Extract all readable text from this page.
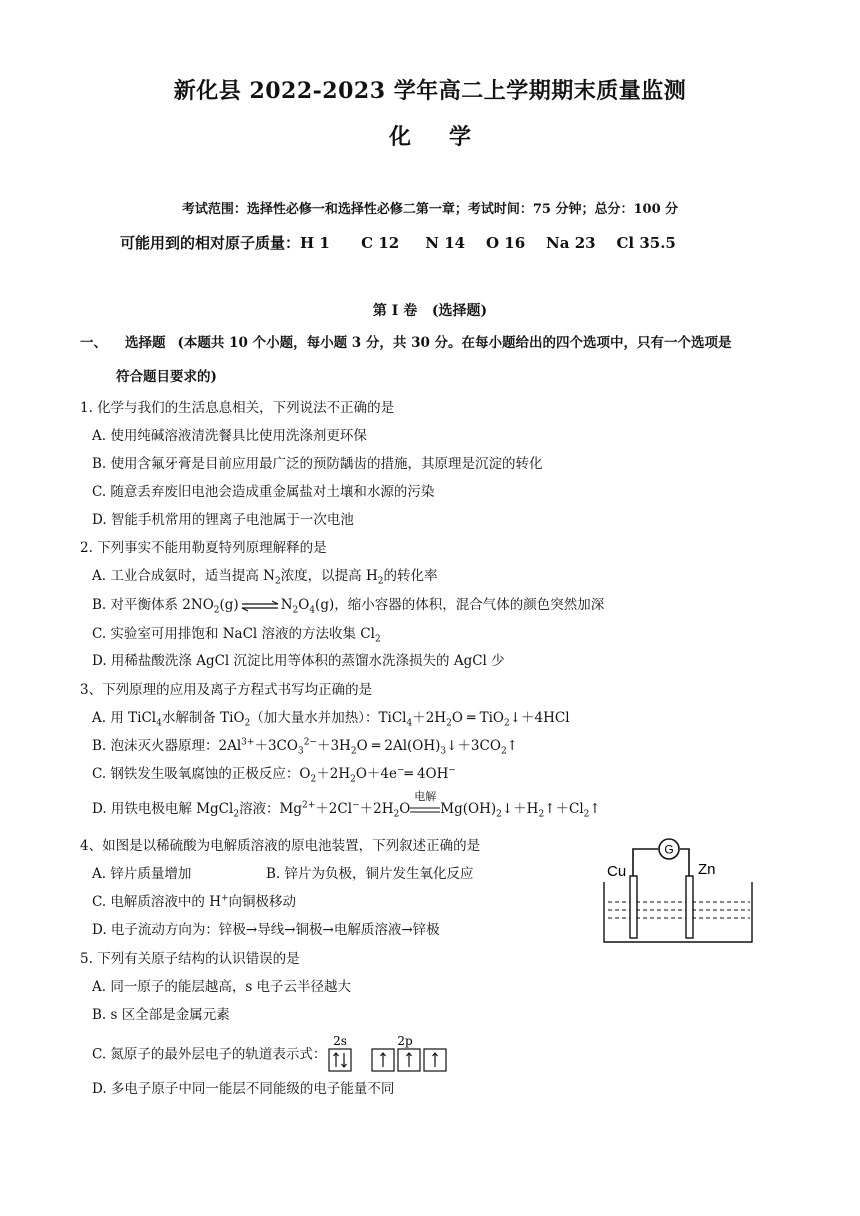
新化县 2022-2023 学年高二上学期期末质量监测
化学
考试范围：选择性必修一和选择性必修二第一章；考试时间：75 分钟；总分：100 分
可能用到的相对原子质量：H 1      C 12     N 14    O 16    Na 23    Cl 35.5
第 I 卷   (选择题)
一、 选择题 (本题共 10 个小题，每小题 3 分，共 30 分。在每小题给出的四个选项中，只有一个选项是
符合题目要求的)
1. 化学与我们的生活息息相关，下列说法不正确的是
A. 使用纯碱溶液清洗餐具比使用洗涤剂更环保
B. 使用含氟牙膏是目前应用最广泛的预防龋齿的措施，其原理是沉淀的转化
C. 随意丢弃废旧电池会造成重金属盐对土壤和水源的污染
D. 智能手机常用的锂离子电池属于一次电池
2. 下列事实不能用勒夏特列原理解释的是
A. 工业合成氨时，适当提高 $N_2$浓度，以提高 $H_2$的转化率
B. 对平衡体系 $2NO_2(g)\rightleftharpoons N_2O_4(g)$，缩小容器的体积，混合气体的颜色突然加深
C. 实验室可用排饱和 NaCl 溶液的方法收集 $Cl_2$
D. 用稀盐酸洗涤 AgCl 沉淀比用等体积的蒸馏水洗涤损失的 AgCl 少
3、下列原理的应用及离子方程式书写均正确的是
A. 用 TiCl$_4$水解制备 TiO$_2$（加大量水并加热）：$TiCl_4+2H_2O$ ═ TiO$_2$↓＋4HCl
B. 泡沫灭火器原理：$2Al^{3+}+3CO_3^{2-}+3H_2O$ ═ $2Al(OH)_3↓+3CO_2↑$
C. 钢铁发生吸氧腐蚀的正极反应：$O_2+2H_2O+4e^-═$ 4OH−
D. 用铁电极电解 MgCl$_2$溶液：$Mg^{2+}+2Cl^-+2H_2O$
电解
$Mg(OH)_2↓+H_2↑+Cl_2↑$
4、如图是以稀硫酸为电解质溶液的原电池装置，下列叙述正确的是
A. 锌片质量增加	B. 锌片为负极，铜片发生氧化反应
C. 电解质溶液中的 H+向铜极移动
D. 电子流动方向为：锌极→导线→铜极→电解质溶液→锌极
G
Cu	Zn
5. 下列有关原子结构的认识错误的是
A. 同一原子的能层越高，s 电子云半径越大
B. s 区全部是金属元素
C. 氮原子的最外层电子的轨道表示式：
2s	2p
D. 多电子原子中同一能层不同能级的电子能量不同
